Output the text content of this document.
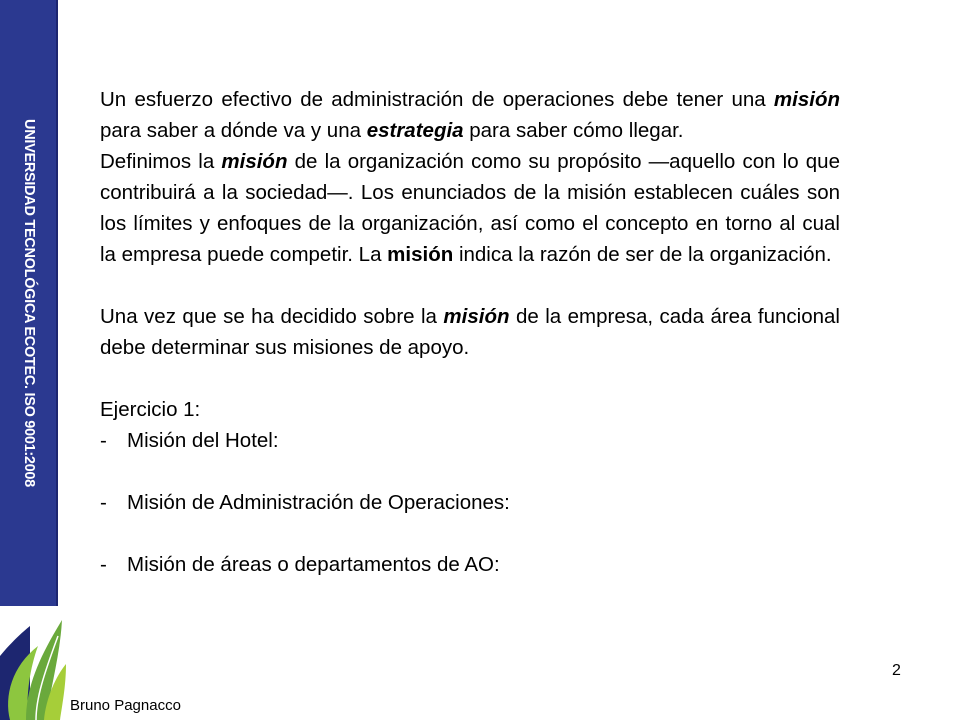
UNIVERSIDAD TECNOLÓGICA ECOTEC. ISO 9001:2008

Un esfuerzo efectivo de administración de operaciones debe tener una misión para saber a dónde va y una estrategia para saber cómo llegar.

Definimos la misión de la organización como su propósito —aquello con lo que contribuirá a la sociedad—. Los enunciados de la misión establecen cuáles son los límites y enfoques de la organización, así como el concepto en torno al cual la empresa puede competir. La misión indica la razón de ser de la organización.

Una vez que se ha decidido sobre la misión de la empresa, cada área funcional debe determinar sus misiones de apoyo.

Ejercicio 1:

- Misión del Hotel:
- Misión de Administración de Operaciones:
- Misión de áreas o departamentos de AO:
2
Bruno Pagnacco
